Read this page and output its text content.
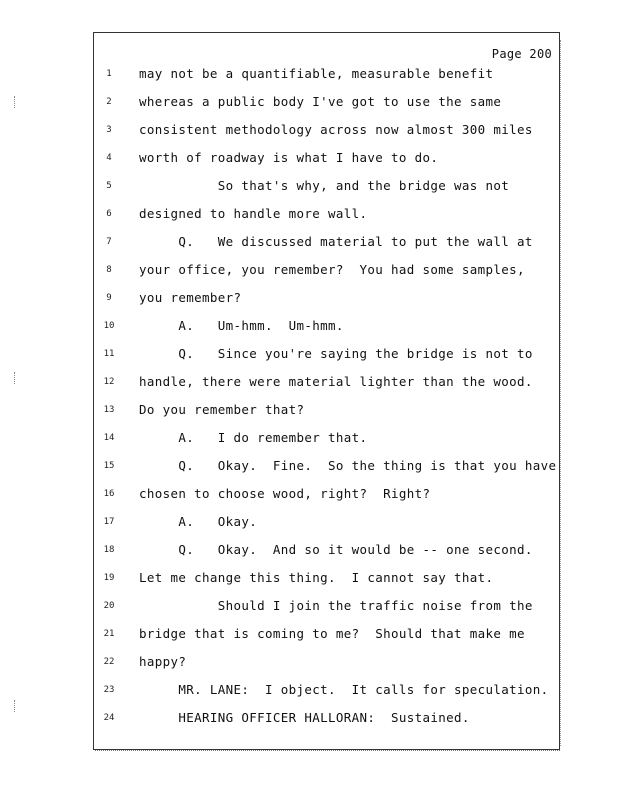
Page 200
1	may not be a quantifiable, measurable benefit
2	whereas a public body I've got to use the same
3	consistent methodology across now almost 300 miles
4	worth of roadway is what I have to do.
5	So that's why, and the bridge was not
6	designed to handle more wall.
7	Q.   We discussed material to put the wall at
8	your office, you remember?  You had some samples,
9	you remember?
10	A.   Um-hmm.  Um-hmm.
11	Q.   Since you're saying the bridge is not to
12	handle, there were material lighter than the wood.
13	Do you remember that?
14	A.   I do remember that.
15	Q.   Okay.  Fine.  So the thing is that you have
16	chosen to choose wood, right?  Right?
17	A.   Okay.
18	Q.   Okay.  And so it would be -- one second.
19	Let me change this thing.  I cannot say that.
20	Should I join the traffic noise from the
21	bridge that is coming to me?  Should that make me
22	happy?
23	MR. LANE:  I object.  It calls for speculation.
24	HEARING OFFICER HALLORAN:  Sustained.
